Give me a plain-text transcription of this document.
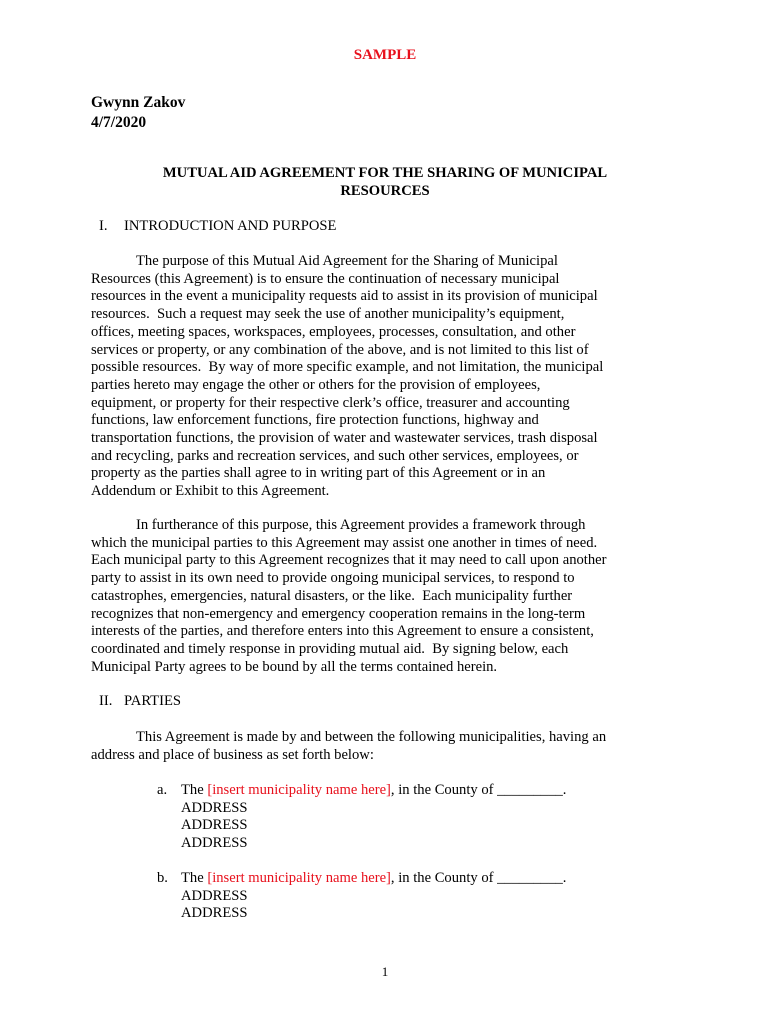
SAMPLE
Gwynn Zakov
4/7/2020
MUTUAL AID AGREEMENT FOR THE SHARING OF MUNICIPAL
RESOURCES
I. INTRODUCTION AND PURPOSE
The purpose of this Mutual Aid Agreement for the Sharing of Municipal
Resources (this Agreement) is to ensure the continuation of necessary municipal
resources in the event a municipality requests aid to assist in its provision of municipal
resources.  Such a request may seek the use of another municipality’s equipment,
offices, meeting spaces, workspaces, employees, processes, consultation, and other
services or property, or any combination of the above, and is not limited to this list of
possible resources.  By way of more specific example, and not limitation, the municipal
parties hereto may engage the other or others for the provision of employees,
equipment, or property for their respective clerk’s office, treasurer and accounting
functions, law enforcement functions, fire protection functions, highway and
transportation functions, the provision of water and wastewater services, trash disposal
and recycling, parks and recreation services, and such other services, employees, or
property as the parties shall agree to in writing part of this Agreement or in an
Addendum or Exhibit to this Agreement.
In furtherance of this purpose, this Agreement provides a framework through
which the municipal parties to this Agreement may assist one another in times of need.
Each municipal party to this Agreement recognizes that it may need to call upon another
party to assist in its own need to provide ongoing municipal services, to respond to
catastrophes, emergencies, natural disasters, or the like.  Each municipality further
recognizes that non-emergency and emergency cooperation remains in the long-term
interests of the parties, and therefore enters into this Agreement to ensure a consistent,
coordinated and timely response in providing mutual aid.  By signing below, each
Municipal Party agrees to be bound by all the terms contained herein.
II. PARTIES
This Agreement is made by and between the following municipalities, having an
address and place of business as set forth below:
a. The [insert municipality name here], in the County of _________.
ADDRESS
ADDRESS
ADDRESS
b. The [insert municipality name here], in the County of _________.
ADDRESS
ADDRESS
1
